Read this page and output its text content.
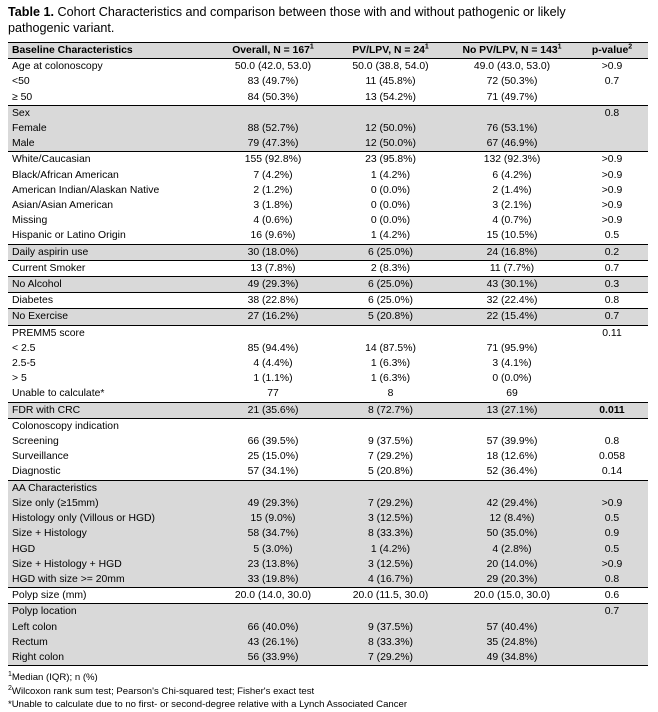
Table 1. Cohort Characteristics and comparison between those with and without pathogenic or likely pathogenic variant.

Baseline Characteristics	Overall, $N = 167^1$	PV/LPV, $N = 24^1$	No PV/LPV, $N = 143^1$	p-value$^2$
Age at colonoscopy	50.0 (42.0, 53.0)	50.0 (38.8, 54.0)	49.0 (43.0, 53.0)	>0.9
<50	83 (49.7%)	11 (45.8%)	72 (50.3%)	0.7
≥ 50	84 (50.3%)	13 (54.2%)	71 (49.7%)	
Sex				0.8
Female	88 (52.7%)	12 (50.0%)	76 (53.1%)	
Male	79 (47.3%)	12 (50.0%)	67 (46.9%)	
White/Caucasian	155 (92.8%)	23 (95.8%)	132 (92.3%)	>0.9
Black/African American	7 (4.2%)	1 (4.2%)	6 (4.2%)	>0.9
American Indian/Alaskan Native	2 (1.2%)	0 (0.0%)	2 (1.4%)	>0.9
Asian/Asian American	3 (1.8%)	0 (0.0%)	3 (2.1%)	>0.9
Missing	4 (0.6%)	0 (0.0%)	4 (0.7%)	>0.9
Hispanic or Latino Origin	16 (9.6%)	1 (4.2%)	15 (10.5%)	0.5
Daily aspirin use	30 (18.0%)	6 (25.0%)	24 (16.8%)	0.2
Current Smoker	13 (7.8%)	2 (8.3%)	11 (7.7%)	0.7
No Alcohol	49 (29.3%)	6 (25.0%)	43 (30.1%)	0.3
Diabetes	38 (22.8%)	6 (25.0%)	32 (22.4%)	0.8
No Exercise	27 (16.2%)	5 (20.8%)	22 (15.4%)	0.7
PREMM5 score				0.11
< 2.5	85 (94.4%)	14 (87.5%)	71 (95.9%)	
2.5-5	4 (4.4%)	1 (6.3%)	3 (4.1%)	
> 5	1 (1.1%)	1 (6.3%)	0 (0.0%)	
Unable to calculate*	77	8	69	
FDR with CRC	21 (35.6%)	8 (72.7%)	13 (27.1%)	0.011
Colonoscopy indication				
Screening	66 (39.5%)	9 (37.5%)	57 (39.9%)	0.8
Surveillance	25 (15.0%)	7 (29.2%)	18 (12.6%)	0.058
Diagnostic	57 (34.1%)	5 (20.8%)	52 (36.4%)	0.14
AA Characteristics				
Size only (≥15mm)	49 (29.3%)	7 (29.2%)	42 (29.4%)	>0.9
Histology only (Villous or HGD)	15 (9.0%)	3 (12.5%)	12 (8.4%)	0.5
Size + Histology	58 (34.7%)	8 (33.3%)	50 (35.0%)	0.9
HGD	5 (3.0%)	1 (4.2%)	4 (2.8%)	0.5
Size + Histology + HGD	23 (13.8%)	3 (12.5%)	20 (14.0%)	>0.9
HGD with size >= 20mm	33 (19.8%)	4 (16.7%)	29 (20.3%)	0.8
Polyp size (mm)	20.0 (14.0, 30.0)	20.0 (11.5, 30.0)	20.0 (15.0, 30.0)	0.6
Polyp location				0.7
Left colon	66 (40.0%)	9 (37.5%)	57 (40.4%)	
Rectum	43 (26.1%)	8 (33.3%)	35 (24.8%)	
Right colon	56 (33.9%)	7 (29.2%)	49 (34.8%)	
$^1$Median (IQR); n (%)
$^2$Wilcoxon rank sum test; Pearson's Chi-squared test; Fisher's exact test
*Unable to calculate due to no first- or second-degree relative with a Lynch Associated Cancer
